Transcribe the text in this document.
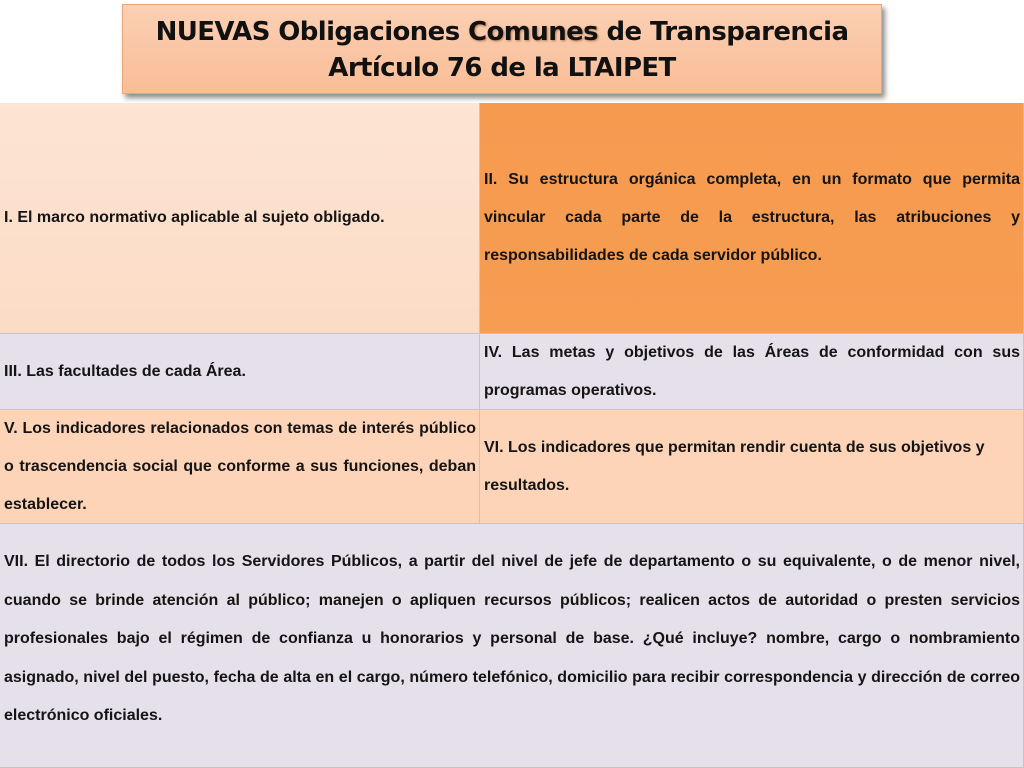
NUEVAS Obligaciones Comunes de Transparencia
Artículo 76 de la LTAIPET
I. El marco normativo aplicable al sujeto obligado.
II. Su estructura orgánica completa, en un formato que permita vincular cada parte de la estructura, las atribuciones y responsabilidades de cada servidor público.
III. Las facultades de cada Área.
IV. Las metas y objetivos de las Áreas de conformidad con sus programas operativos.
V. Los indicadores relacionados con temas de interés público o trascendencia social que conforme a sus funciones, deban establecer.
VI. Los indicadores que permitan rendir cuenta de sus objetivos y resultados.
VII. El directorio de todos los Servidores Públicos, a partir del nivel de jefe de departamento o su equivalente, o de menor nivel, cuando se brinde atención al público; manejen o apliquen recursos públicos; realicen actos de autoridad o presten servicios profesionales bajo el régimen de confianza u honorarios y personal de base. ¿Qué incluye? nombre, cargo o nombramiento asignado, nivel del puesto, fecha de alta en el cargo, número telefónico, domicilio para recibir correspondencia y dirección de correo electrónico oficiales.
